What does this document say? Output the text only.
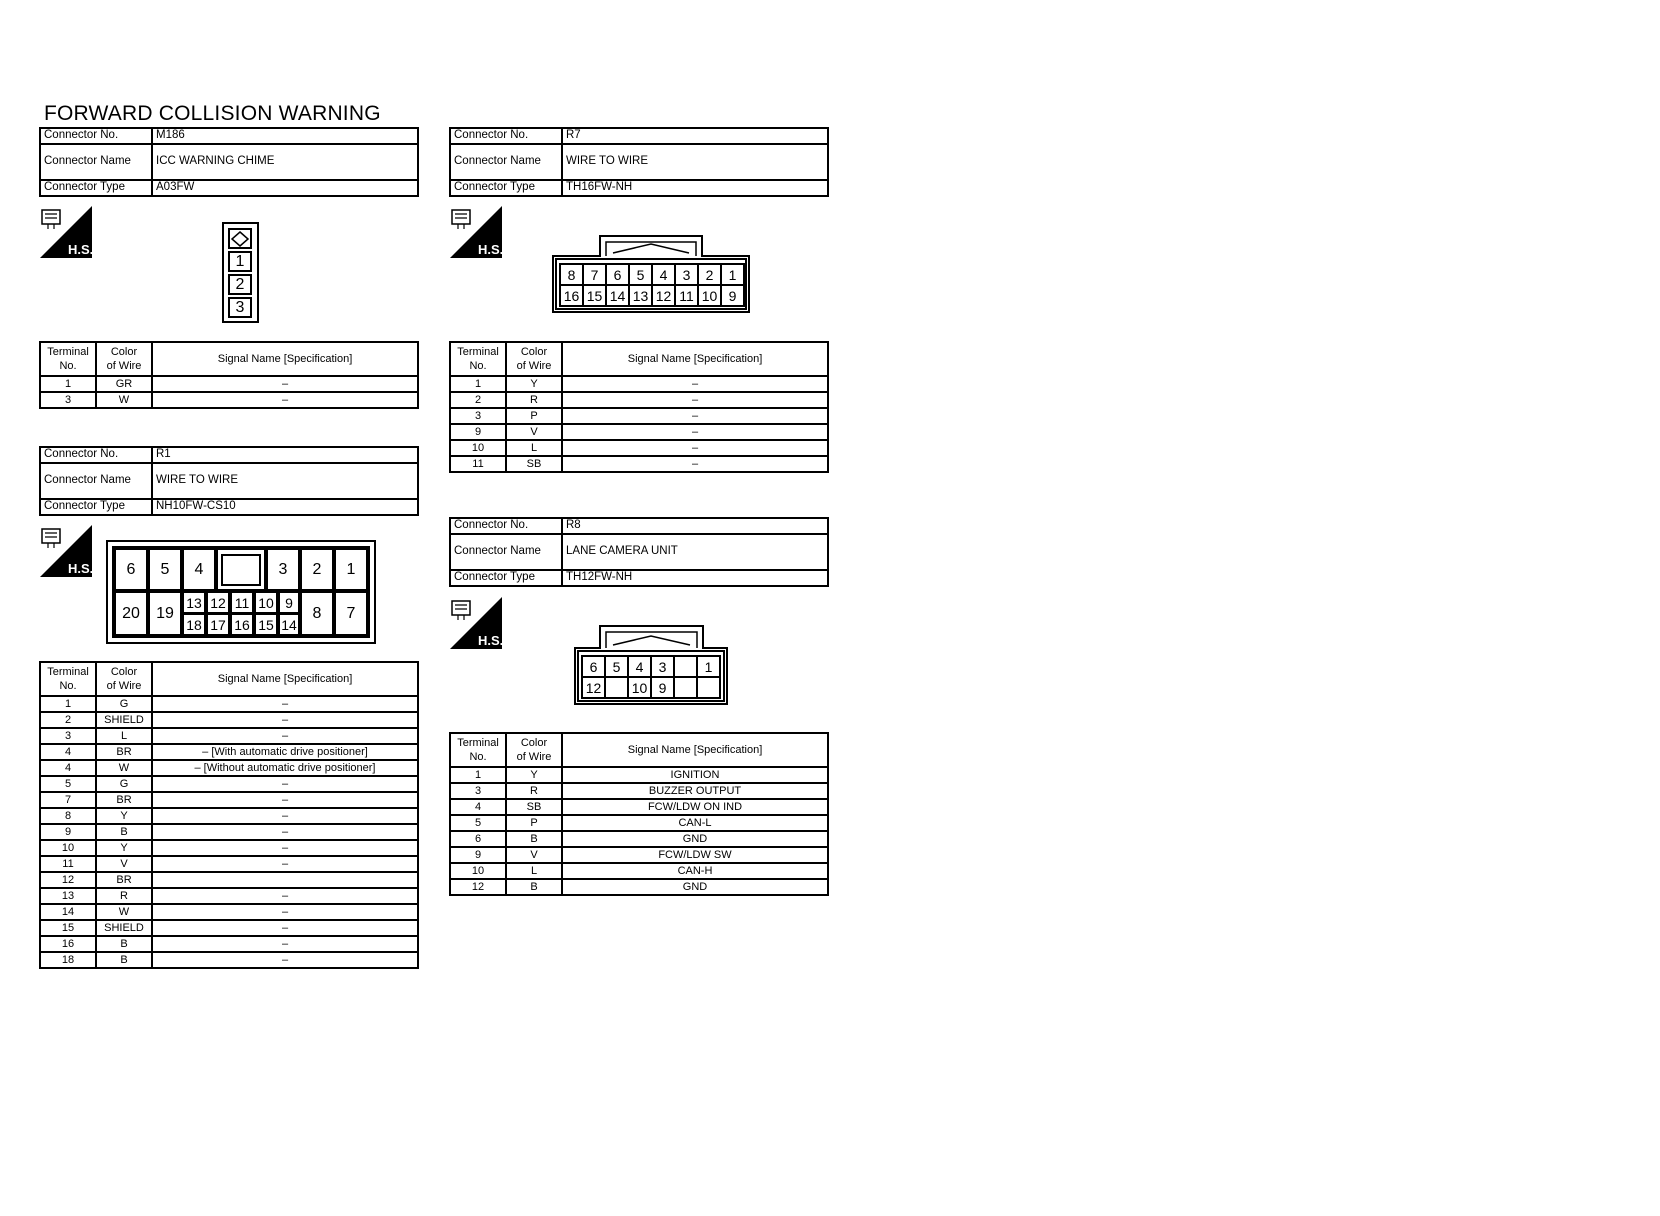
FORWARD COLLISION WARNING
Connector No.	M186
Connector Name	ICC WARNING CHIME
Connector Type	A03FW
H.S.
1
2
3
Terminal
No.	Color
of Wire	Signal Name [Specification]
1	GR	–
3	W	–
Connector No.	R1
Connector Name	WIRE TO WIRE
Connector Type	NH10FW-CS10
H.S.	6	5	4	3	2	1
20	19
13 12 11 10 9
18 17 16 15 14
8	7
Terminal
No.	Color
of Wire	Signal Name [Specification]
1	G	–
2	SHIELD	–
3	L	–
4	BR	– [With automatic drive positioner]
4	W	– [Without automatic drive positioner]
5	G	–
7	BR	–
8	Y	–
9	B	–
10	Y	–
11	V	–
12	BR	
13	R	–
14	W	–
15	SHIELD	–
16	B	–
18	B	–
Connector No.	R7
Connector Name	WIRE TO WIRE
Connector Type	TH16FW-NH
H.S.
8	7	6	5	4	3	2	1
16 15 14 13 12 11 10 9
Terminal
No.	Color
of Wire	Signal Name [Specification]
1	Y	–
2	R	–
3	P	–
9	V	–
10	L	–
11	SB	–
Connector No.	R8
Connector Name	LANE CAMERA UNIT
Connector Type	TH12FW-NH
H.S.
6	5	4	3	1
12	10 9
Terminal
No.	Color
of Wire	Signal Name [Specification]
1	Y	IGNITION
3	R	BUZZER OUTPUT
4	SB	FCW/LDW ON IND
5	P	CAN-L
6	B	GND
9	V	FCW/LDW SW
10	L	CAN-H
12	B	GND
